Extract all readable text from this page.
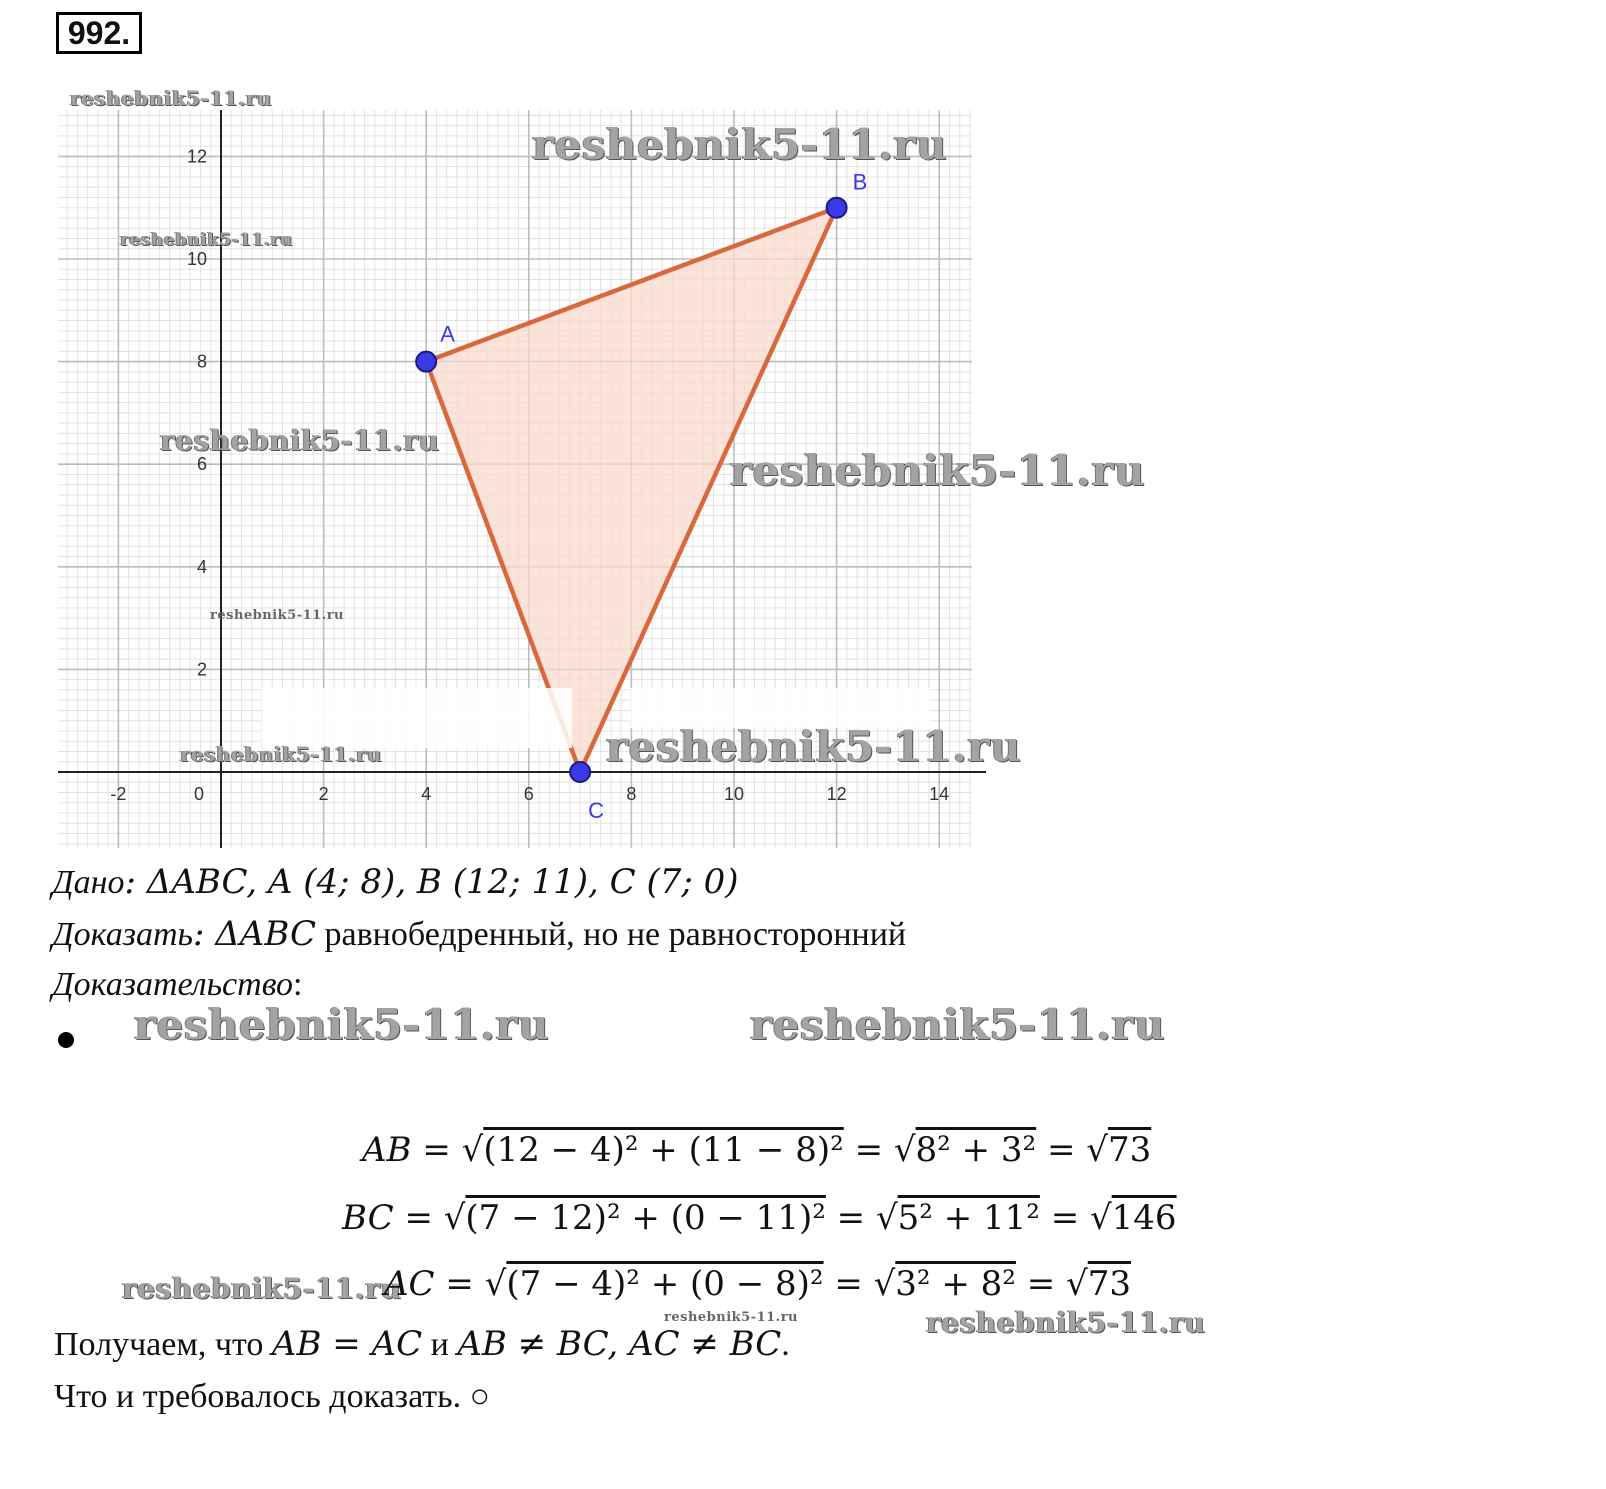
992.
-2	0	2	4	6	8	10	12	14
2
4
6
8
10
12
A
B
C
reshebnik5-11.ru
reshebnik5-11.ru
reshebnik5-11.ru
reshebnik5-11.ru
reshebnik5-11.ru
reshebnik5-11.ru
reshebnik5-11.ru	reshebnik5-11.ru
Дано: ΔABC, A (4; 8), B (12; 11), C (7; 0)
Доказать: ΔABC равнобедренный, но не равносторонний
Доказательство:
reshebnik5-11.ru	reshebnik5-11.ru
AB = √(12 − 4)² + (11 − 8)² = √8² + 3² = √73
BC = √(7 − 12)² + (0 − 11)² = √5² + 11² = √146
reshebnik5-11.ru
AC = √(7 − 4)² + (0 − 8)² = √3² + 8² = √73
reshebnik5-11.ru	reshebnik5-11.ru
Получаем, что AB = AC и AB ≠ BC, AC ≠ BC.
Что и требовалось доказать. ○
